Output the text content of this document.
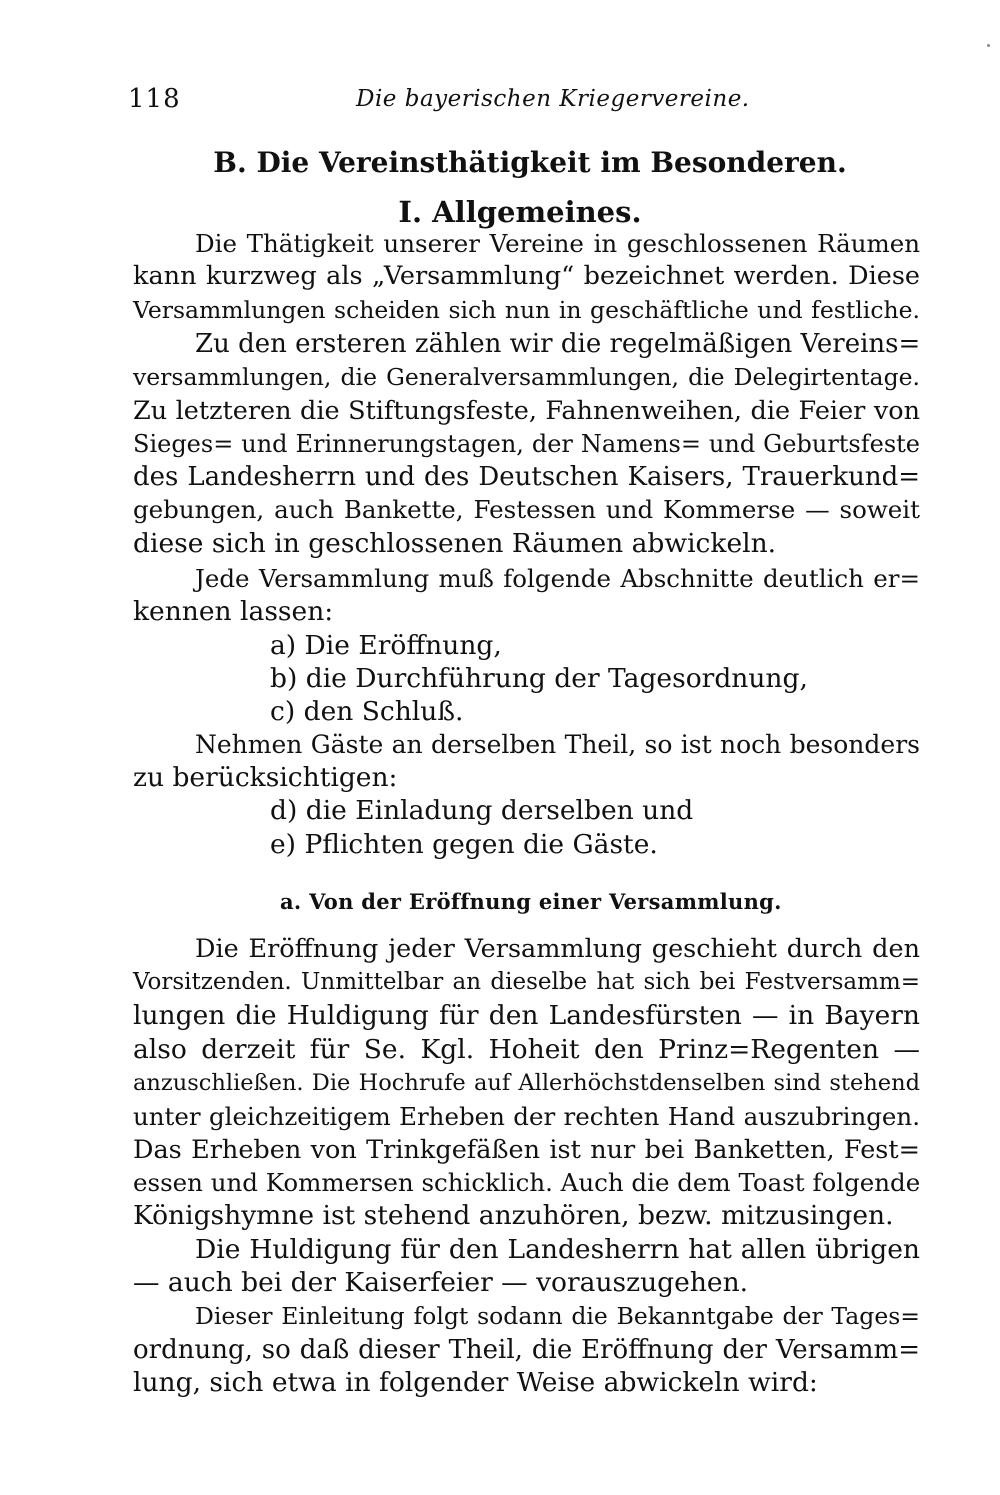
118	Die bayerischen Kriegervereine.
B. Die Vereinsthätigkeit im Besonderen.
I. Allgemeines.
Die Thätigkeit unserer Vereine in geschlossenen Räumen
kann kurzweg als „Versammlung“ bezeichnet werden. Diese
Versammlungen scheiden sich nun in geschäftliche und festliche.
Zu den ersteren zählen wir die regelmäßigen Vereins=
versammlungen, die Generalversammlungen, die Delegirtentage.
Zu letzteren die Stiftungsfeste, Fahnenweihen, die Feier von
Sieges= und Erinnerungstagen, der Namens= und Geburtsfeste
des Landesherrn und des Deutschen Kaisers, Trauerkund=
gebungen, auch Bankette, Festessen und Kommerse — soweit
diese sich in geschlossenen Räumen abwickeln.
Jede Versammlung muß folgende Abschnitte deutlich er=
kennen lassen:
a) Die Eröffnung,
b) die Durchführung der Tagesordnung,
c) den Schluß.
Nehmen Gäste an derselben Theil, so ist noch besonders
zu berücksichtigen:
d) die Einladung derselben und
e) Pflichten gegen die Gäste.
a. Von der Eröffnung einer Versammlung.
Die Eröffnung jeder Versammlung geschieht durch den
Vorsitzenden. Unmittelbar an dieselbe hat sich bei Festversamm=
lungen die Huldigung für den Landesfürsten — in Bayern
also derzeit für Se. Kgl. Hoheit den Prinz=Regenten —
anzuschließen. Die Hochrufe auf Allerhöchstdenselben sind stehend
unter gleichzeitigem Erheben der rechten Hand auszubringen.
Das Erheben von Trinkgefäßen ist nur bei Banketten, Fest=
essen und Kommersen schicklich. Auch die dem Toast folgende
Königshymne ist stehend anzuhören, bezw. mitzusingen.
Die Huldigung für den Landesherrn hat allen übrigen
— auch bei der Kaiserfeier — vorauszugehen.
Dieser Einleitung folgt sodann die Bekanntgabe der Tages=
ordnung, so daß dieser Theil, die Eröffnung der Versamm=
lung, sich etwa in folgender Weise abwickeln wird:
